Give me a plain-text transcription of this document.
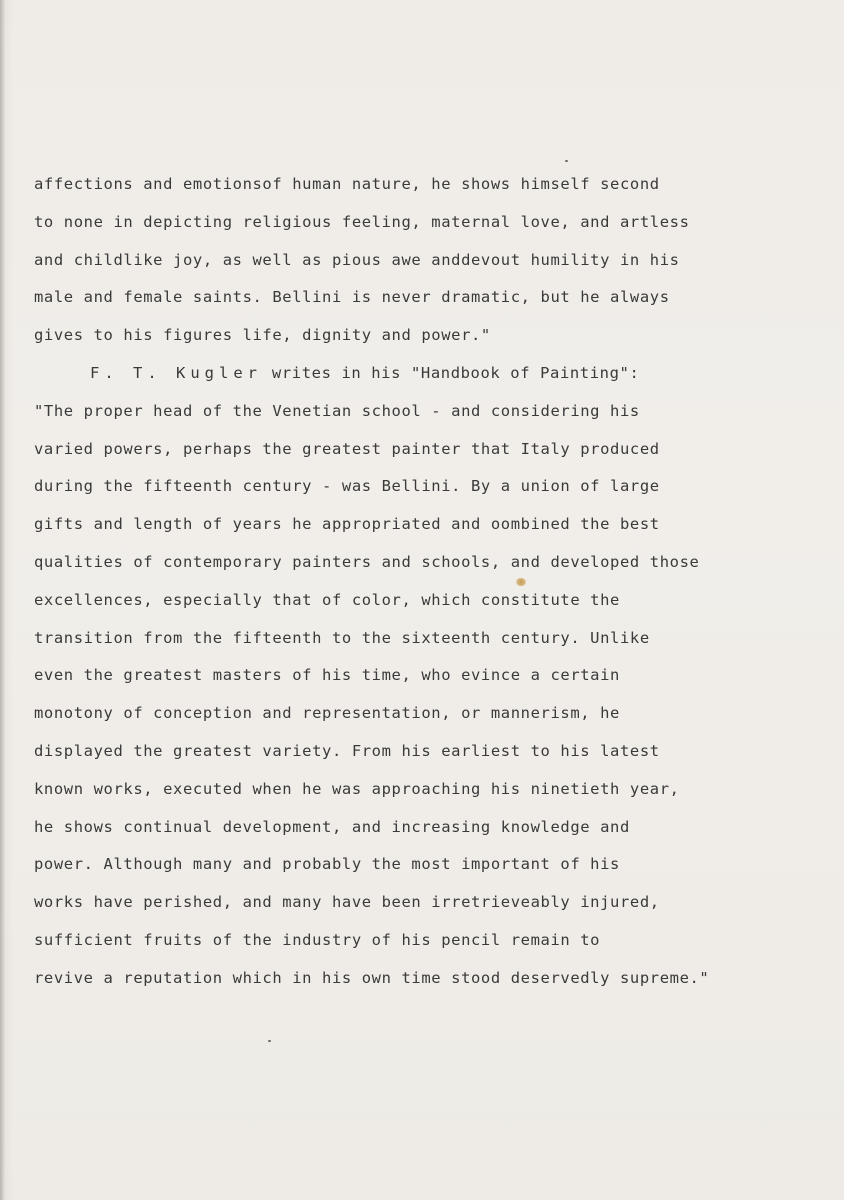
affections and emotionsof human nature, he shows himself second
to none in depicting religious feeling, maternal love, and artless
and childlike joy, as well as pious awe anddevout humility in his
male and female saints. Bellini is never dramatic, but he always
gives to his figures life, dignity and power."
F. T. Kugler writes in his "Handbook of Painting":
"The proper head of the Venetian school - and considering his
varied powers, perhaps the greatest painter that Italy produced
during the fifteenth century - was Bellini. By a union of large
gifts and length of years he appropriated and oombined the best
qualities of contemporary painters and schools, and developed those
excellences, especially that of color, which constitute the
transition from the fifteenth to the sixteenth century. Unlike
even the greatest masters of his time, who evince a certain
monotony of conception and representation, or mannerism, he
displayed the greatest variety. From his earliest to his latest
known works, executed when he was approaching his ninetieth year,
he shows continual development, and increasing knowledge and
power. Although many and probably the most important of his
works have perished, and many have been irretrieveably injured,
sufficient fruits of the industry of his pencil remain to
revive a reputation which in his own time stood deservedly supreme."
